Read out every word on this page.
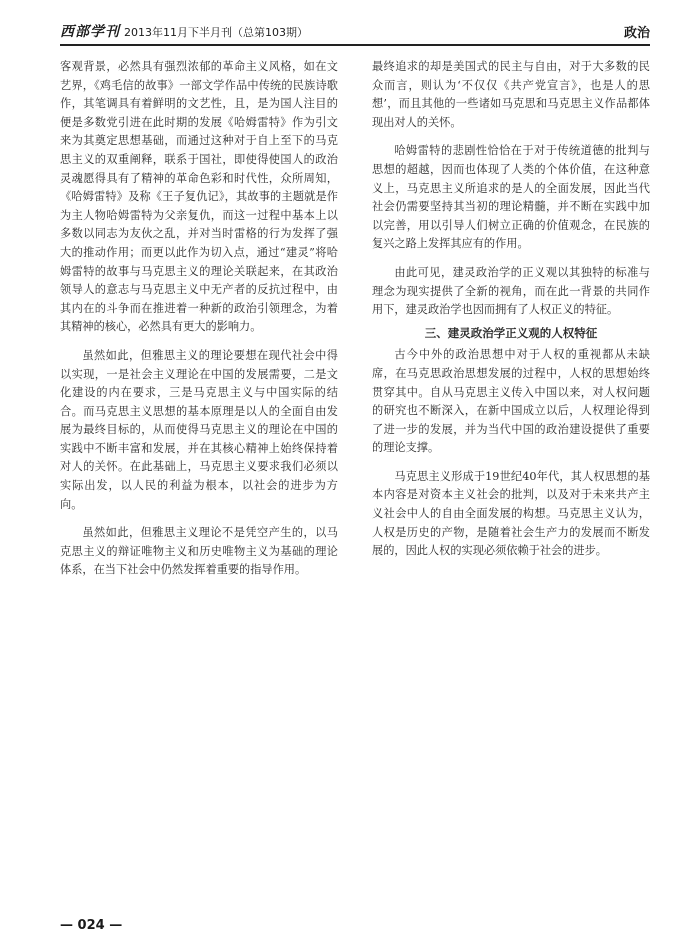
西部学刊 2013年11月下半月刊（总第103期）	政治

客观背景，必然具有强烈浓郁的革命主义风格，如在文艺界，《鸡毛信的故事》一部文学作品中传统的民族诗歌作，其笔调具有着鲜明的文艺性，且，是为国人注目的便是多数党引进在此时期的发展《哈姆雷特》作为引文来为其奠定思想基础，而通过这种对于自上至下的马克思主义的双重阐释，联系于国社，即使得使国人的政治灵魂愿得具有了精神的革命色彩和时代性，众所周知，《哈姆雷特》及称《王子复仇记》，其故事的主题就是作为主人物哈姆雷特为父亲复仇，而这一过程中基本上以多数以同志为友伙之乱，并对当时雷格的行为发挥了强大的推动作用；而更以此作为切入点，通过“建灵”将哈姆雷特的故事与马克思主义的理论关联起来，在其政治领导人的意志与马克思主义中无产者的反抗过程中，由其内在的斗争而在推进着一种新的政治引领理念，为着其精神的核心，必然具有更大的影响力。

虽然如此，但雅思主义的理论要想在现代社会中得以实现，一是社会主义理论在中国的发展需要，二是文化建设的内在要求，三是马克思主义与中国实际的结合。而马克思主义思想的基本原理是以人的全面自由发展为最终目标的，从而使得马克思主义的理论在中国的实践中不断丰富和发展，并在其核心精神上始终保持着对人的关怀。在此基础上，马克思主义要求我们必须以实际出发，以人民的利益为根本，以社会的进步为方向。

虽然如此，但雅思主义理论不是凭空产生的，以马克思主义的辩证唯物主义和历史唯物主义为基础的理论体系，在当下社会中仍然发挥着重要的指导作用。

最终追求的却是美国式的民主与自由，对于大多数的民众而言，则认为‘不仅仅《共产党宣言》，也是人的思想’，而且其他的一些诸如马克思和马克思主义作品都体现出对人的关怀。

哈姆雷特的悲剧性恰恰在于对于传统道德的批判与思想的超越，因而也体现了人类的个体价值，在这种意义上，马克思主义所追求的是人的全面发展，因此当代社会仍需要坚持其当初的理论精髓，并不断在实践中加以完善，用以引导人们树立正确的价值观念，在民族的复兴之路上发挥其应有的作用。

由此可见，建灵政治学的正义观以其独特的标准与理念为现实提供了全新的视角，而在此一背景的共同作用下，建灵政治学也因而拥有了人权正义的特征。

三、建灵政治学正义观的人权特征

古今中外的政治思想中对于人权的重视都从未缺席，在马克思政治思想发展的过程中，人权的思想始终贯穿其中。自从马克思主义传入中国以来，对人权问题的研究也不断深入，在新中国成立以后，人权理论得到了进一步的发展，并为当代中国的政治建设提供了重要的理论支撑。

马克思主义形成于19世纪40年代，其人权思想的基本内容是对资本主义社会的批判，以及对于未来共产主义社会中人的自由全面发展的构想。马克思主义认为，人权是历史的产物，是随着社会生产力的发展而不断发展的，因此人权的实现必须依赖于社会的进步。

— 024 —
